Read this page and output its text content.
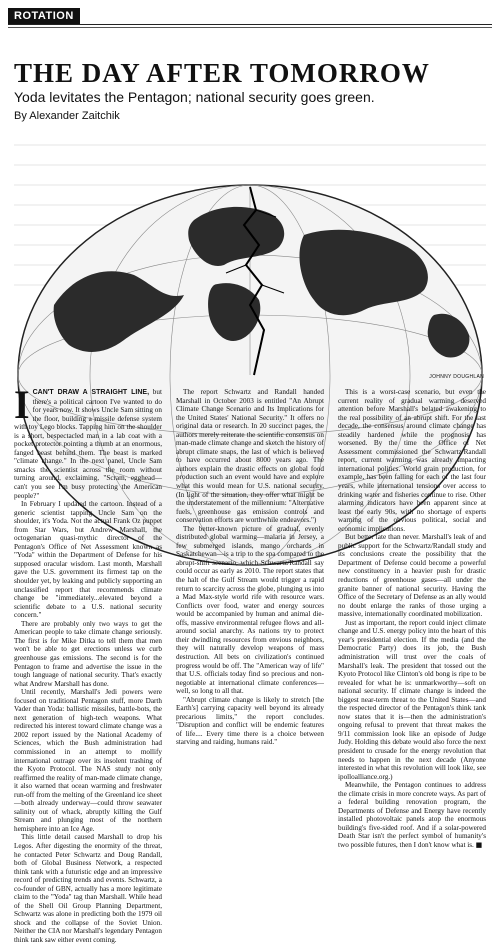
ROTATION
THE DAY AFTER TOMORROW

Yoda levitates the Pentagon; national security goes green.

By Alexander Zaitchik

JOHNNY DOUGHLAN

ICAN'T DRAW A STRAIGHT LINE, but there's a political cartoon I've wanted to do for years now. It shows Uncle Sam sitting on the floor, building a missile defense system with toy Lego blocks. Tapping him on the shoulder is a short, bespectacled man in a lab coat with a pocket protector pointing a thumb at an enormous, fanged beast behind them. The beast is marked "climate change." In the next panel, Uncle Sam smacks the scientist across the room without turning around, exclaiming, "Scram, egghead—can't you see I'm busy protecting the American people?"

In February I updated the cartoon. Instead of a generic scientist tapping Uncle Sam on the shoulder, it's Yoda. Not the actual Frank Oz puppet from Star Wars, but Andrew Marshall, the octogenarian quasi-mythic director of the Pentagon's Office of Net Assessment known as "Yoda" within the Department of Defense for his supposed oracular wisdom. Last month, Marshall gave the U.S. government its firmest tap on the shoulder yet, by leaking and publicly supporting an unclassified report that recommends climate change be "immediately...elevated beyond a scientific debate to a U.S. national security concern."

There are probably only two ways to get the American people to take climate change seriously. The first is for Mike Ditka to tell them that men won't be able to get erections unless we curb greenhouse gas emissions. The second is for the Pentagon to frame and advertise the issue in the tough language of national security. That's exactly what Andrew Marshall has done.

Until recently, Marshall's Jedi powers were focused on traditional Pentagon stuff, more Darth Vader than Yoda: ballistic missiles, battle-bots, the next generation of high-tech weapons. What redirected his interest toward climate change was a 2002 report issued by the National Academy of Sciences, which the Bush administration had commissioned in an attempt to mollify international outrage over its insolent trashing of the Kyoto Protocol. The NAS study not only reaffirmed the reality of man-made climate change, it also warned that ocean warming and freshwater run-off from the melting of the Greenland ice sheet—both already underway—could throw seawater salinity out of whack, abruptly killing the Gulf Stream and plunging most of the northern hemisphere into an Ice Age.

This little detail caused Marshall to drop his Legos. After digesting the enormity of the threat, he contacted Peter Schwartz and Doug Randall, both of Global Business Network, a respected think tank with a futuristic edge and an impressive record of predicting trends and events. Schwartz, a co-founder of GBN, actually has a more legitimate claim to the "Yoda" tag than Marshall. While head of the Shell Oil Group Planning Department, Schwartz was alone in predicting both the 1979 oil shock and the collapse of the Soviet Union. Neither the CIA nor Marshall's legendary Pentagon think tank saw either event coming.

The report Schwartz and Randall handed Marshall in October 2003 is entitled "An Abrupt Climate Change Scenario and Its Implications for the United States' National Security." It offers no original data or research. In 20 succinct pages, the authors merely reiterate the scientific consensus on man-made climate change and sketch the history of abrupt climate snaps, the last of which is believed to have occurred about 8000 years ago. The authors explain the drastic effects on global food production such an event would have and explore what this would mean for U.S. national security. (In light of the situation, they offer what might be the understatement of the millennium: "Alternative fuels, greenhouse gas emission controls and conservation efforts are worthwhile endeavors.")

The better-known picture of gradual, evenly distributed global warming—malaria in Jersey, a few submerged islands, mango orchards in Saskatchewan—is a trip to the spa compared to the abrupt-shift scenario, which Schwartz/Randall say could occur as early as 2010. The report states that the halt of the Gulf Stream would trigger a rapid return to scarcity across the globe, plunging us into a Mad Max-style world rife with resource wars. Conflicts over food, water and energy sources would be accompanied by human and animal die-offs, massive environmental refugee flows and all-around social anarchy. As nations try to protect their dwindling resources from envious neighbors, they will naturally develop weapons of mass destruction. All bets on civilization's continued progress would be off. The "American way of life" that U.S. officials today find so precious and non-negotiable at international climate conferences—well, so long to all that.

"Abrupt climate change is likely to stretch [the Earth's] carrying capacity well beyond its already precarious limits," the report concludes. "Disruption and conflict will be endemic features of life.... Every time there is a choice between starving and raiding, humans raid."

This is a worst-case scenario, but even the current reality of gradual warming deserved attention before Marshall's belated awakening to the real possibility of an abrupt shift. For the last decade, the consensus around climate change has steadily hardened while the prognosis has worsened. By the time the Office of Net Assessment commissioned the Schwartz/Randall report, current warming was already impacting international politics. World grain production, for example, has been falling for each of the last four years, while international tensions over access to drinking water and fisheries continue to rise. Other alarming indicators have been apparent since at least the early 90s, with no shortage of experts warning of the obvious political, social and economic implications.

But better late than never. Marshall's leak of and public support for the Schwartz/Randall study and its conclusions create the possibility that the Department of Defense could become a powerful new constituency in a heavier push for drastic reductions of greenhouse gases—all under the granite banner of national security. Having the Office of the Secretary of Defense as an ally would no doubt enlarge the ranks of those urging a massive, internationally coordinated mobilization.

Just as important, the report could inject climate change and U.S. energy policy into the heart of this year's presidential election. If the media (and the Democratic Party) does its job, the Bush administration will trust over the coals of Marshall's leak. The president that tossed out the Kyoto Protocol like Clinton's old bong is ripe to be revealed for what he is: unmarkworthy—soft on national security. If climate change is indeed the biggest near-term threat to the United States—and the respected director of the Pentagon's think tank now states that it is—then the administration's ongoing refusal to prevent that threat makes the 9/11 commission look like an episode of Judge Judy. Holding this debate would also force the next president to crusade for the energy revolution that needs to happen in the next decade (Anyone interested in what this revolution will look like, see ipolloalliance.org.)

Meanwhile, the Pentagon continues to address the climate crisis in more concrete ways. As part of a federal building renovation program, the Departments of Defense and Energy have recently installed photovoltaic panels atop the enormous building's five-sided roof. And if a solar-powered Death Star isn't the perfect symbol of humanity's two possible futures, then I don't know what is. ■
